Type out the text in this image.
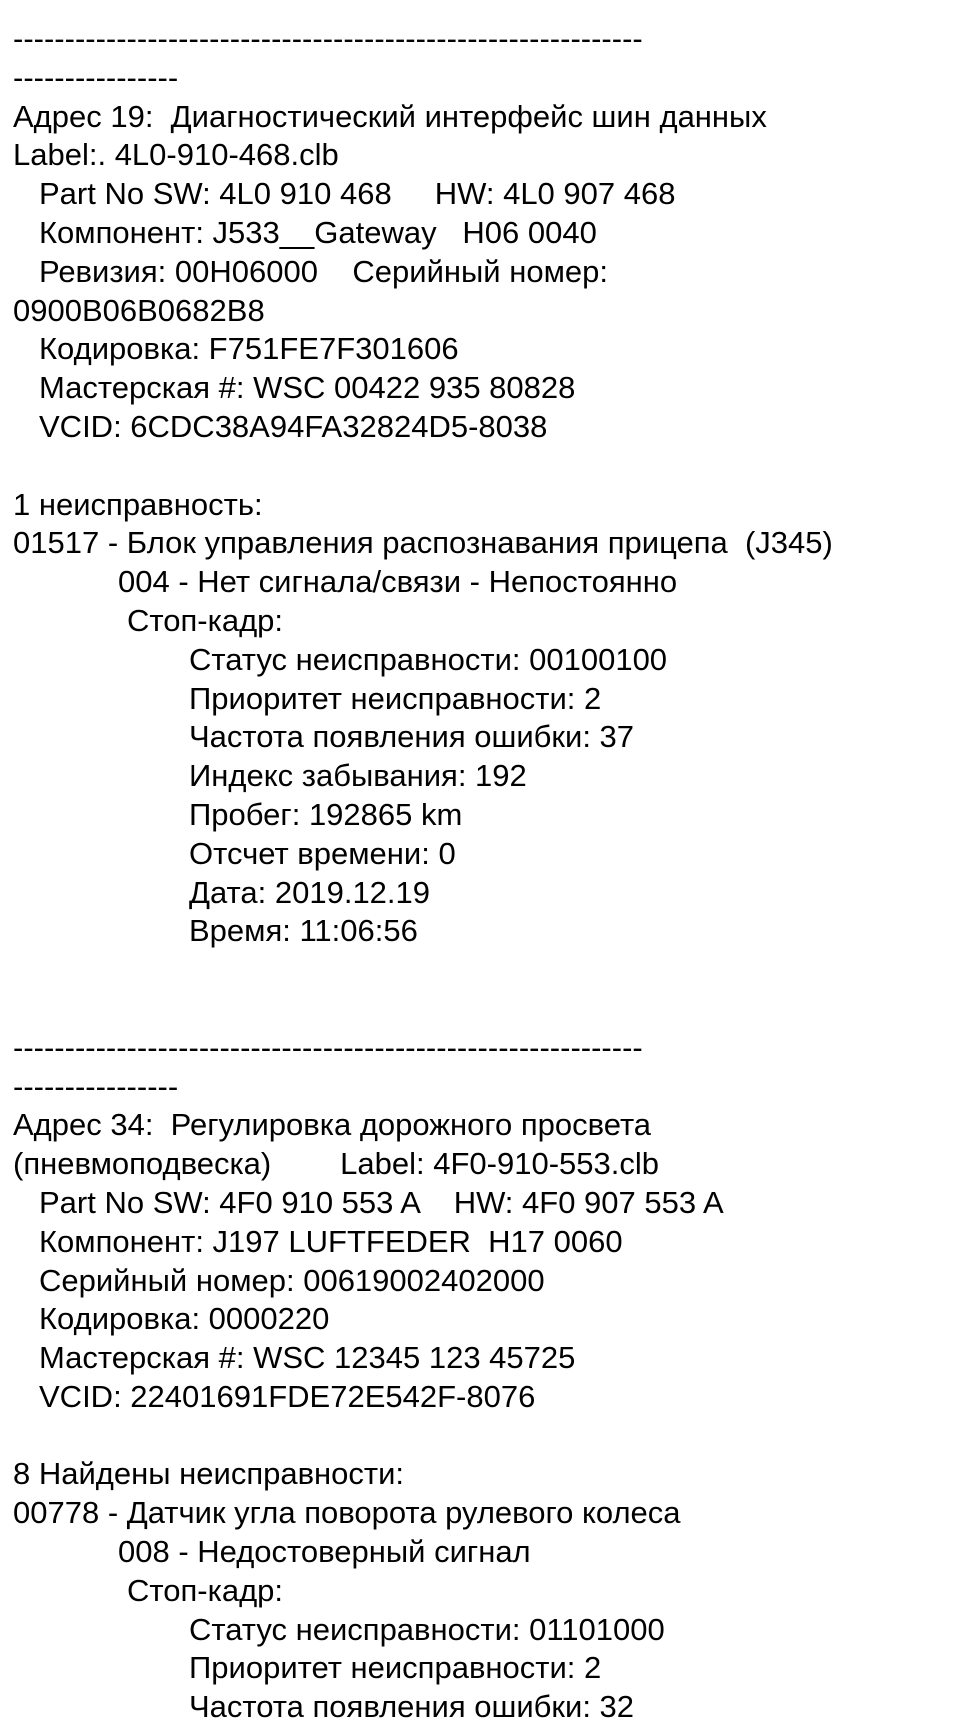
-------------------------------------------------------------
----------------
Адрес 19:  Диагностический интерфейс шин данных
Label:. 4L0-910-468.clb
Part No SW: 4L0 910 468     HW: 4L0 907 468
Компонент: J533__Gateway   H06 0040
Ревизия: 00H06000    Серийный номер:
0900B06B0682B8
Кодировка: F751FE7F301606
Мастерская #: WSC 00422 935 80828
VCID: 6CDC38A94FA32824D5-8038
1 неисправность:
01517 - Блок управления распознавания прицепа  (J345)
004 - Нет сигнала/связи - Непостоянно
Стоп-кадр:
Статус неисправности: 00100100
Приоритет неисправности: 2
Частота появления ошибки: 37
Индекс забывания: 192
Пробег: 192865 km
Отсчет времени: 0
Дата: 2019.12.19
Время: 11:06:56
-------------------------------------------------------------
----------------
Адрес 34:  Регулировка дорожного просвета
(пневмоподвеска)        Label: 4F0-910-553.clb
Part No SW: 4F0 910 553 A    HW: 4F0 907 553 A
Компонент: J197 LUFTFEDER  H17 0060
Серийный номер: 00619002402000
Кодировка: 0000220
Мастерская #: WSC 12345 123 45725
VCID: 22401691FDE72E542F-8076
8 Найдены неисправности:
00778 - Датчик угла поворота рулевого колеса
008 - Недостоверный сигнал
Стоп-кадр:
Статус неисправности: 01101000
Приоритет неисправности: 2
Частота появления ошибки: 32
